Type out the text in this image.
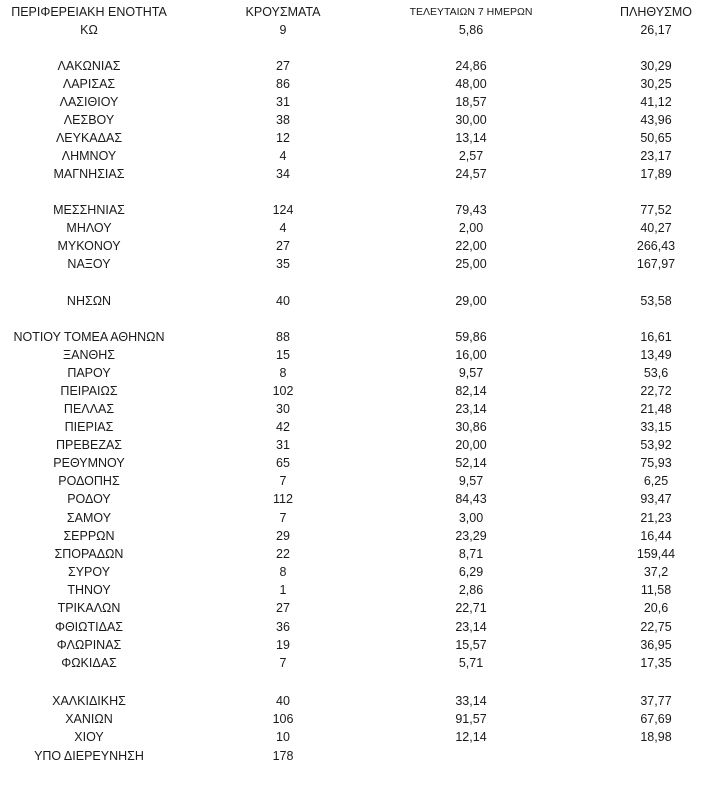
ΠΕΡΙΦΕΡΕΙΑΚΗ ΕΝΟΤΗΤΑ	ΚΡΟΥΣΜΑΤΑ	ΤΕΛΕΥΤΑΙΩΝ 7 ΗΜΕΡΩΝ	ΠΛΗΘΥΣΜΟ
ΚΩ	9	5,86	26,17
ΛΑΚΩΝΙΑΣ	27	24,86	30,29
ΛΑΡΙΣΑΣ	86	48,00	30,25
ΛΑΣΙΘΙΟΥ	31	18,57	41,12
ΛΕΣΒΟΥ	38	30,00	43,96
ΛΕΥΚΑΔΑΣ	12	13,14	50,65
ΛΗΜΝΟΥ	4	2,57	23,17
ΜΑΓΝΗΣΙΑΣ	34	24,57	17,89
ΜΕΣΣΗΝΙΑΣ	124	79,43	77,52
ΜΗΛΟΥ	4	2,00	40,27
ΜΥΚΟΝΟΥ	27	22,00	266,43
ΝΑΞΟΥ	35	25,00	167,97
ΝΗΣΩΝ	40	29,00	53,58
ΝΟΤΙΟΥ ΤΟΜΕΑ ΑΘΗΝΩΝ	88	59,86	16,61
ΞΑΝΘΗΣ	15	16,00	13,49
ΠΑΡΟΥ	8	9,57	53,6
ΠΕΙΡΑΙΩΣ	102	82,14	22,72
ΠΕΛΛΑΣ	30	23,14	21,48
ΠΙΕΡΙΑΣ	42	30,86	33,15
ΠΡΕΒΕΖΑΣ	31	20,00	53,92
ΡΕΘΥΜΝΟΥ	65	52,14	75,93
ΡΟΔΟΠΗΣ	7	9,57	6,25
ΡΟΔΟΥ	112	84,43	93,47
ΣΑΜΟΥ	7	3,00	21,23
ΣΕΡΡΩΝ	29	23,29	16,44
ΣΠΟΡΑΔΩΝ	22	8,71	159,44
ΣΥΡΟΥ	8	6,29	37,2
ΤΗΝΟΥ	1	2,86	11,58
ΤΡΙΚΑΛΩΝ	27	22,71	20,6
ΦΘΙΩΤΙΔΑΣ	36	23,14	22,75
ΦΛΩΡΙΝΑΣ	19	15,57	36,95
ΦΩΚΙΔΑΣ	7	5,71	17,35
ΧΑΛΚΙΔΙΚΗΣ	40	33,14	37,77
ΧΑΝΙΩΝ	106	91,57	67,69
ΧΙΟΥ	10	12,14	18,98
ΥΠΟ ΔΙΕΡΕΥΝΗΣΗ	178
